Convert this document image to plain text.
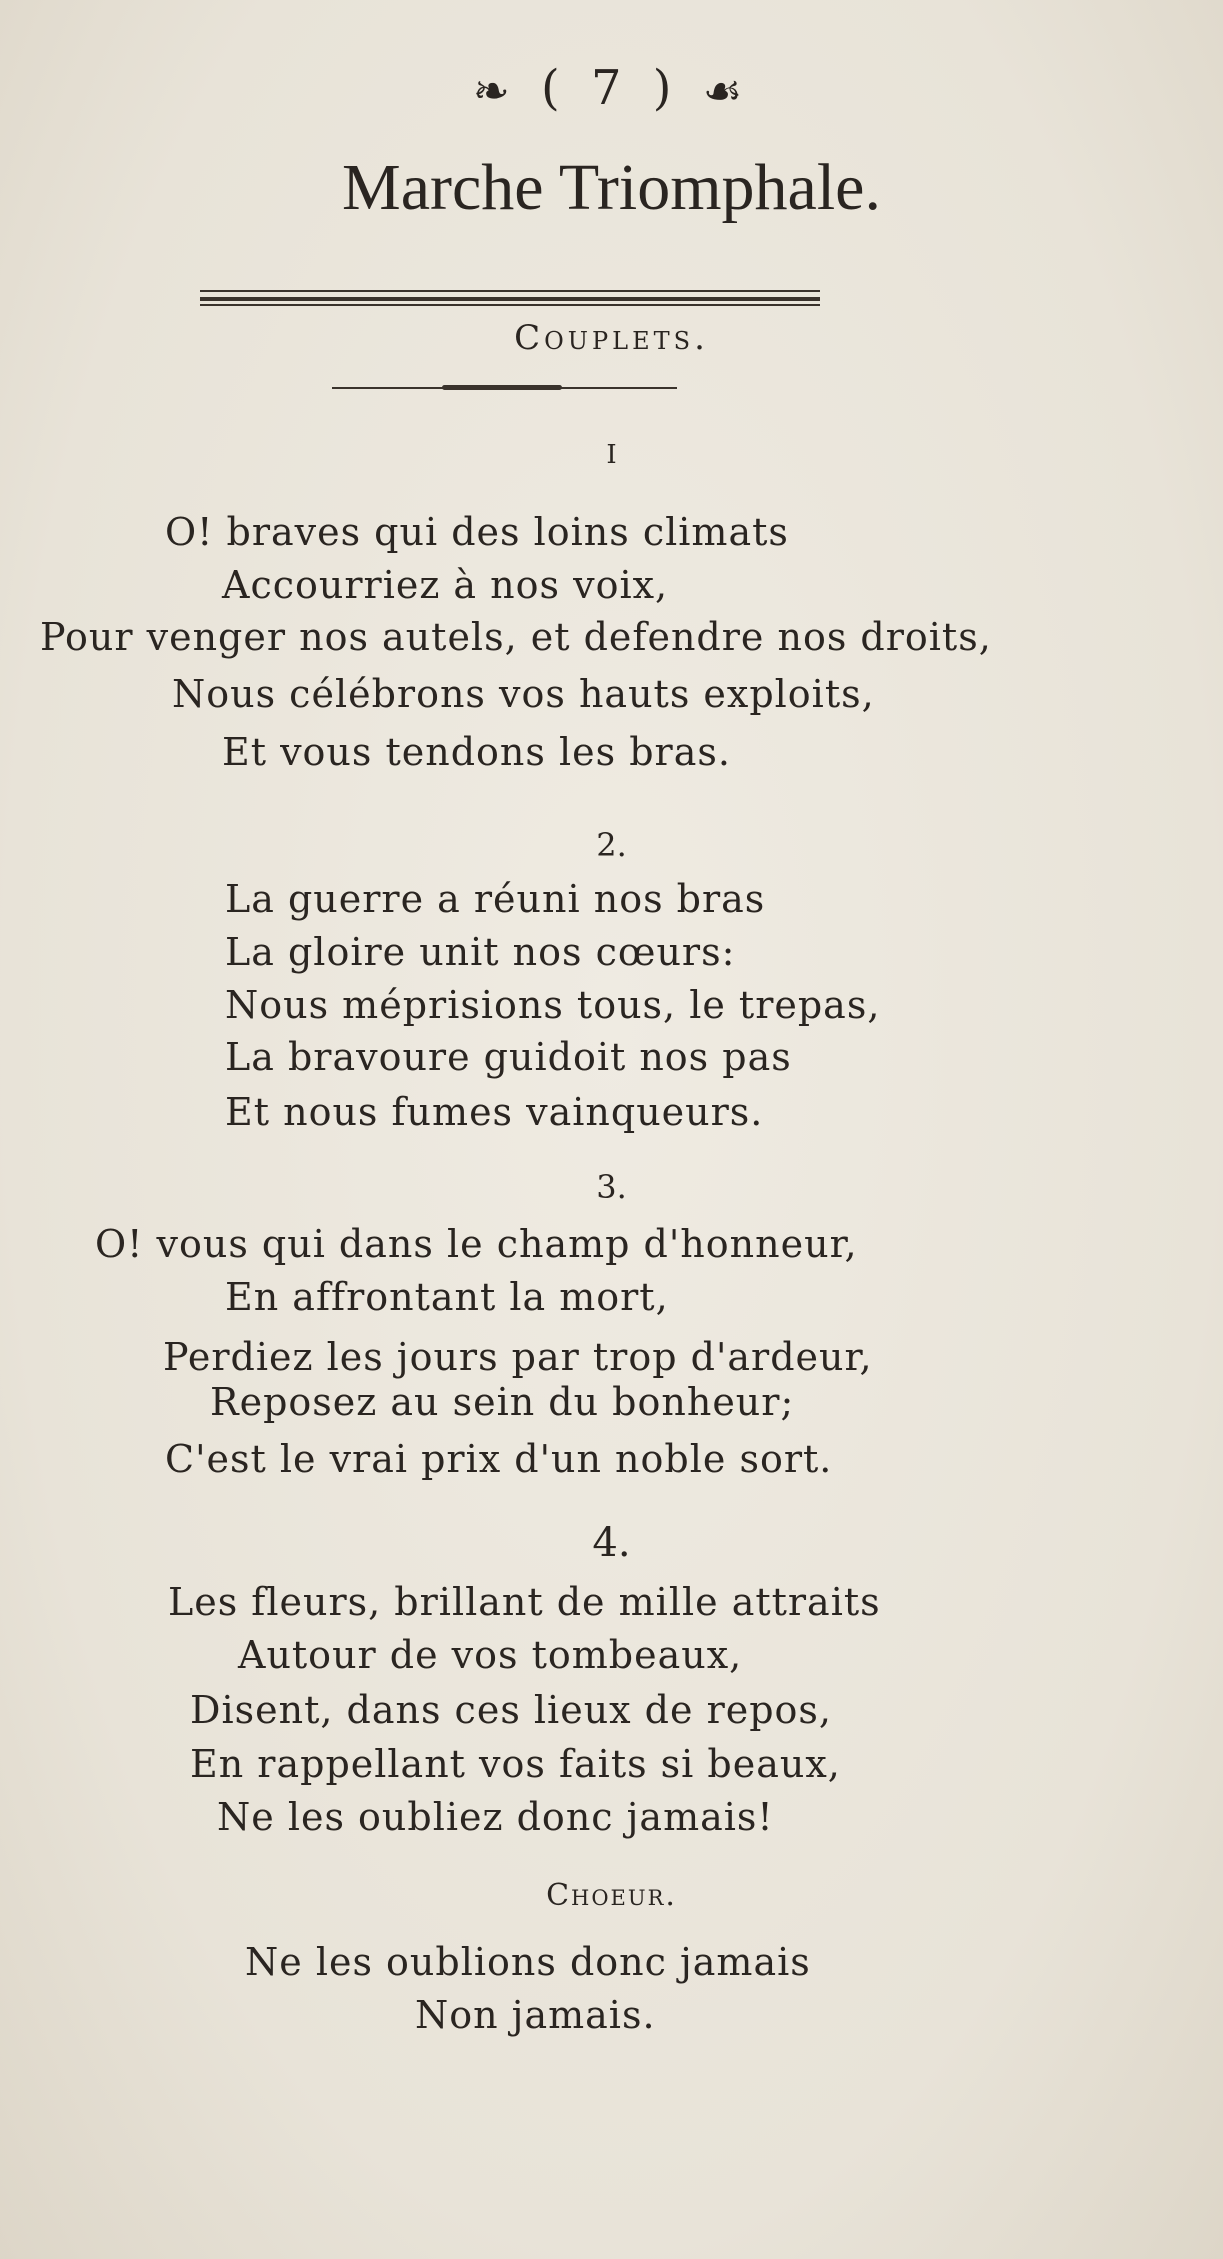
❧ ( 7 ) ☙
Marche Triomphale.
Couplets.
I
O! braves qui des loins climats
Accourriez à nos voix,
Pour venger nos autels, et defendre nos droits,
Nous célébrons vos hauts exploits,
Et vous tendons les bras.
2.
La guerre a réuni nos bras
La gloire unit nos cœurs:
Nous méprisions tous, le trepas,
La bravoure guidoit nos pas
Et nous fumes vainqueurs.
3.
O! vous qui dans le champ d'honneur,
En affrontant la mort,
Perdiez les jours par trop d'ardeur,
Reposez au sein du bonheur;
C'est le vrai prix d'un noble sort.
4.
Les fleurs, brillant de mille attraits
Autour de vos tombeaux,
Disent, dans ces lieux de repos,
En rappellant vos faits si beaux,
Ne les oubliez donc jamais!
Choeur.
Ne les oublions donc jamais
Non jamais.
